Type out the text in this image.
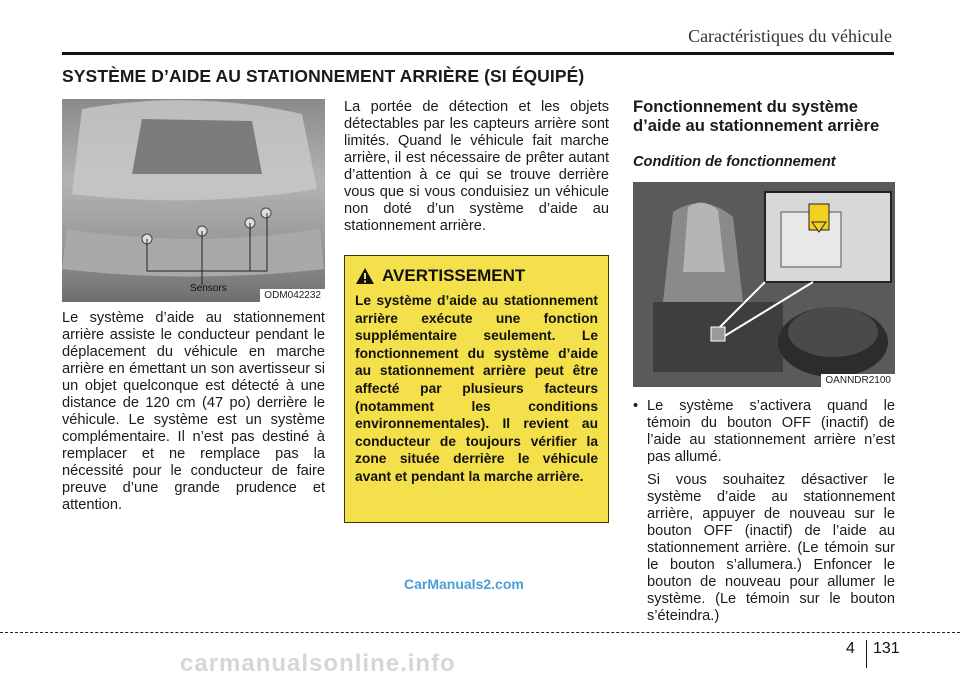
Caractéristiques du véhicule
SYSTÈME D’AIDE AU STATIONNEMENT ARRIÈRE (SI ÉQUIPÉ)
Sensors
ODM042232
Le système d’aide au stationnement arrière assiste le conducteur pendant le déplacement du véhicule en marche arrière en émettant un son avertisseur si un objet quelconque est détecté à une distance de 120 cm (47 po) derrière le véhicule. Le système est un système complémentaire. Il n’est pas destiné à remplacer et ne remplace pas la nécessité pour le conducteur de faire preuve d’une grande prudence et attention.
La portée de détection et les objets détectables par les capteurs arrière sont limités. Quand le véhicule fait marche arrière, il est nécessaire de prêter autant d’attention à ce qui se trouve derrière vous que si vous conduisiez un véhicule non doté d’un système d’aide au stationnement arrière.
AVERTISSEMENT
Le système d’aide au stationnement arrière exécute une fonction supplémentaire seulement. Le fonctionnement du système d’aide au stationnement arrière peut être affecté par plusieurs facteurs (notamment les conditions environnementales). Il revient au conducteur de toujours vérifier la zone située derrière le véhicule avant et pendant la marche arrière.
Fonctionnement du système d’aide au stationnement arrière
Condition de fonctionnement
OANNDR2100
• Le système s’activera quand le témoin du bouton OFF (inactif) de l’aide au stationnement arrière n’est pas allumé.
Si vous souhaitez désactiver le système d’aide au stationnement arrière, appuyer de nouveau sur le bouton OFF (inactif) de l’aide au stationnement arrière. (Le témoin sur le bouton s’allumera.) Enfoncer le bouton de nouveau pour allumer le système. (Le témoin sur le bouton s’éteindra.)
CarManuals2.com
4 131
carmanualsonline.info
